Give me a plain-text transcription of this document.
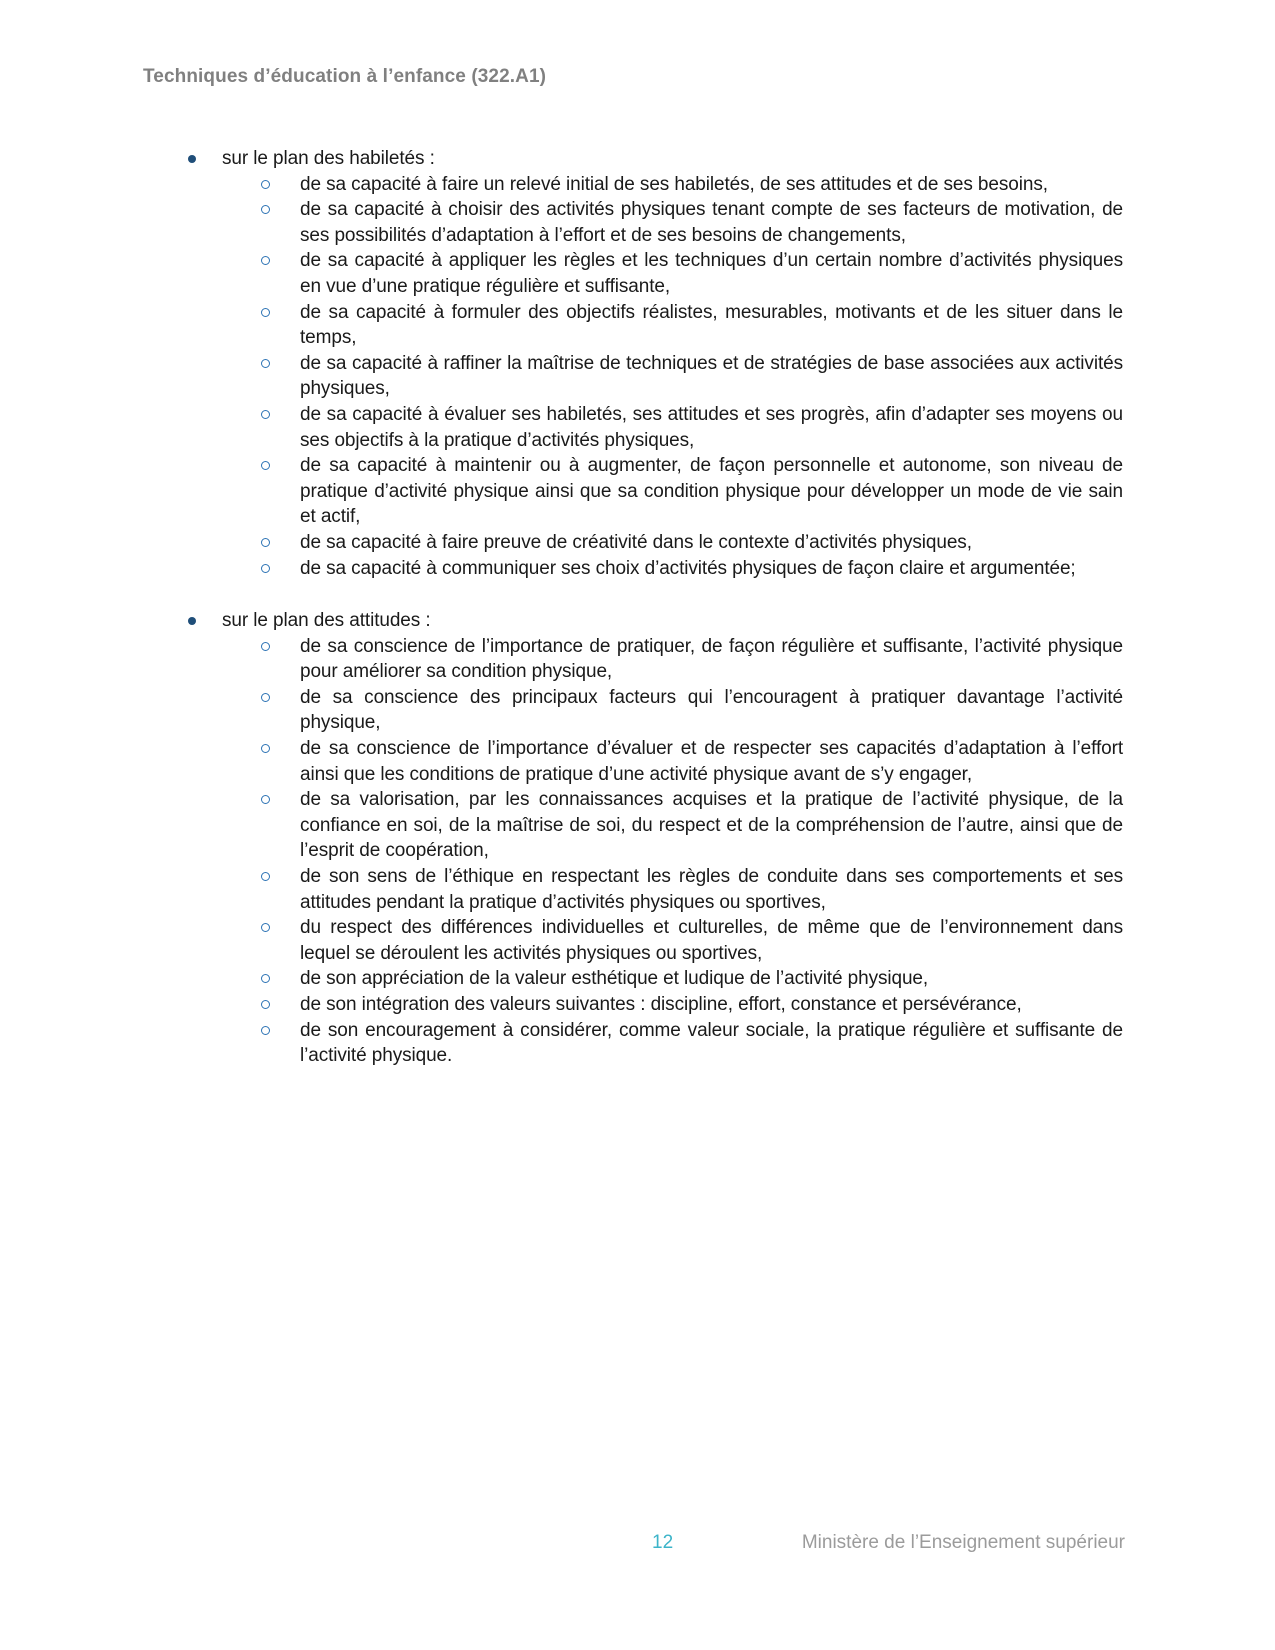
Techniques d’éducation à l’enfance (322.A1)
sur le plan des habiletés :

de sa capacité à faire un relevé initial de ses habiletés, de ses attitudes et de ses besoins,

de sa capacité à choisir des activités physiques tenant compte de ses facteurs de motivation, de ses possibilités d’adaptation à l’effort et de ses besoins de changements,

de sa capacité à appliquer les règles et les techniques d’un certain nombre d’activités physiques en vue d’une pratique régulière et suffisante,

de sa capacité à formuler des objectifs réalistes, mesurables, motivants et de les situer dans le temps,

de sa capacité à raffiner la maîtrise de techniques et de stratégies de base associées aux activités physiques,

de sa capacité à évaluer ses habiletés, ses attitudes et ses progrès, afin d’adapter ses moyens ou ses objectifs à la pratique d’activités physiques,

de sa capacité à maintenir ou à augmenter, de façon personnelle et autonome, son niveau de pratique d’activité physique ainsi que sa condition physique pour développer un mode de vie sain et actif,

de sa capacité à faire preuve de créativité dans le contexte d’activités physiques,

de sa capacité à communiquer ses choix d’activités physiques de façon claire et argumentée;

sur le plan des attitudes :

de sa conscience de l’importance de pratiquer, de façon régulière et suffisante, l’activité physique pour améliorer sa condition physique,

de sa conscience des principaux facteurs qui l’encouragent à pratiquer davantage l’activité physique,

de sa conscience de l’importance d’évaluer et de respecter ses capacités d’adaptation à l’effort ainsi que les conditions de pratique d’une activité physique avant de s’y engager,

de sa valorisation, par les connaissances acquises et la pratique de l’activité physique, de la confiance en soi, de la maîtrise de soi, du respect et de la compréhension de l’autre, ainsi que de l’esprit de coopération,

de son sens de l’éthique en respectant les règles de conduite dans ses comportements et ses attitudes pendant la pratique d’activités physiques ou sportives,

du respect des différences individuelles et culturelles, de même que de l’environnement dans lequel se déroulent les activités physiques ou sportives,

de son appréciation de la valeur esthétique et ludique de l’activité physique,

de son intégration des valeurs suivantes : discipline, effort, constance et persévérance,

de son encouragement à considérer, comme valeur sociale, la pratique régulière et suffisante de l’activité physique.

12	Ministère de l’Enseignement supérieur
